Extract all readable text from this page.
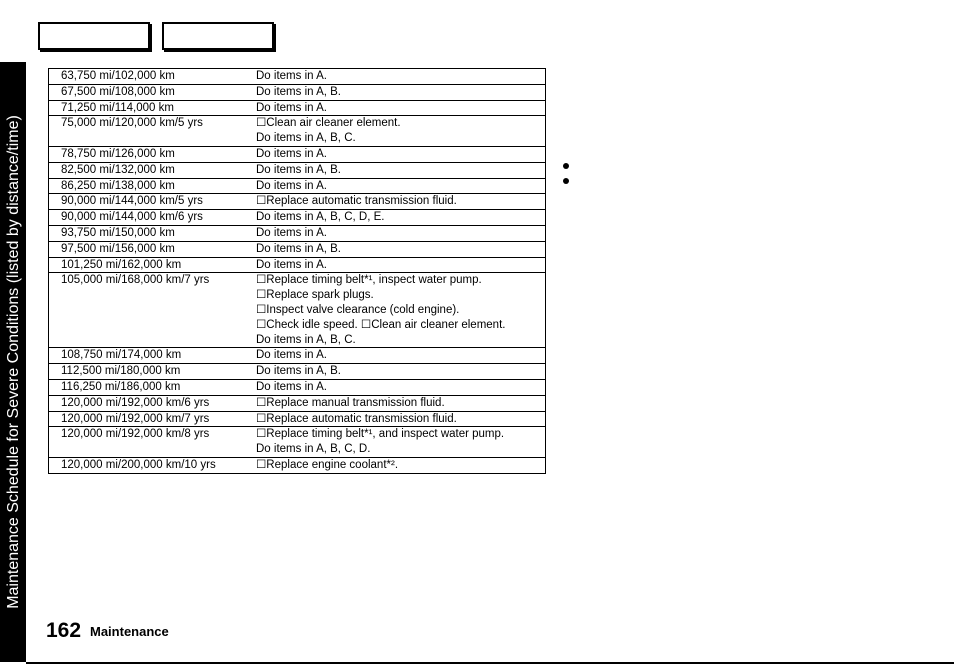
Maintenance Schedule for Severe Conditions (listed by distance/time)
63,750 mi/102,000 km	Do items in A.

67,500 mi/108,000 km	Do items in A, B.

71,250 mi/114,000 km	Do items in A.

75,000 mi/120,000 km/5 yrs	☐Clean air cleaner element.
Do items in A, B, C.

78,750 mi/126,000 km	Do items in A.

82,500 mi/132,000 km	Do items in A, B.

86,250 mi/138,000 km	Do items in A.

90,000 mi/144,000 km/5 yrs	☐Replace automatic transmission fluid.

90,000 mi/144,000 km/6 yrs	Do items in A, B, C, D, E.

93,750 mi/150,000 km	Do items in A.

97,500 mi/156,000 km	Do items in A, B.

101,250 mi/162,000 km	Do items in A.

105,000 mi/168,000 km/7 yrs	☐Replace timing belt*¹, inspect water pump.
☐Replace spark plugs.
☐Inspect valve clearance (cold engine).
☐Check idle speed. ☐Clean air cleaner element.
Do items in A, B, C.

108,750 mi/174,000 km	Do items in A.

112,500 mi/180,000 km	Do items in A, B.

116,250 mi/186,000 km	Do items in A.

120,000 mi/192,000 km/6 yrs	☐Replace manual transmission fluid.

120,000 mi/192,000 km/7 yrs	☐Replace automatic transmission fluid.

120,000 mi/192,000 km/8 yrs	☐Replace timing belt*¹, and inspect water pump.
Do items in A, B, C, D.

120,000 mi/200,000 km/10 yrs	☐Replace engine coolant*².
162 Maintenance
